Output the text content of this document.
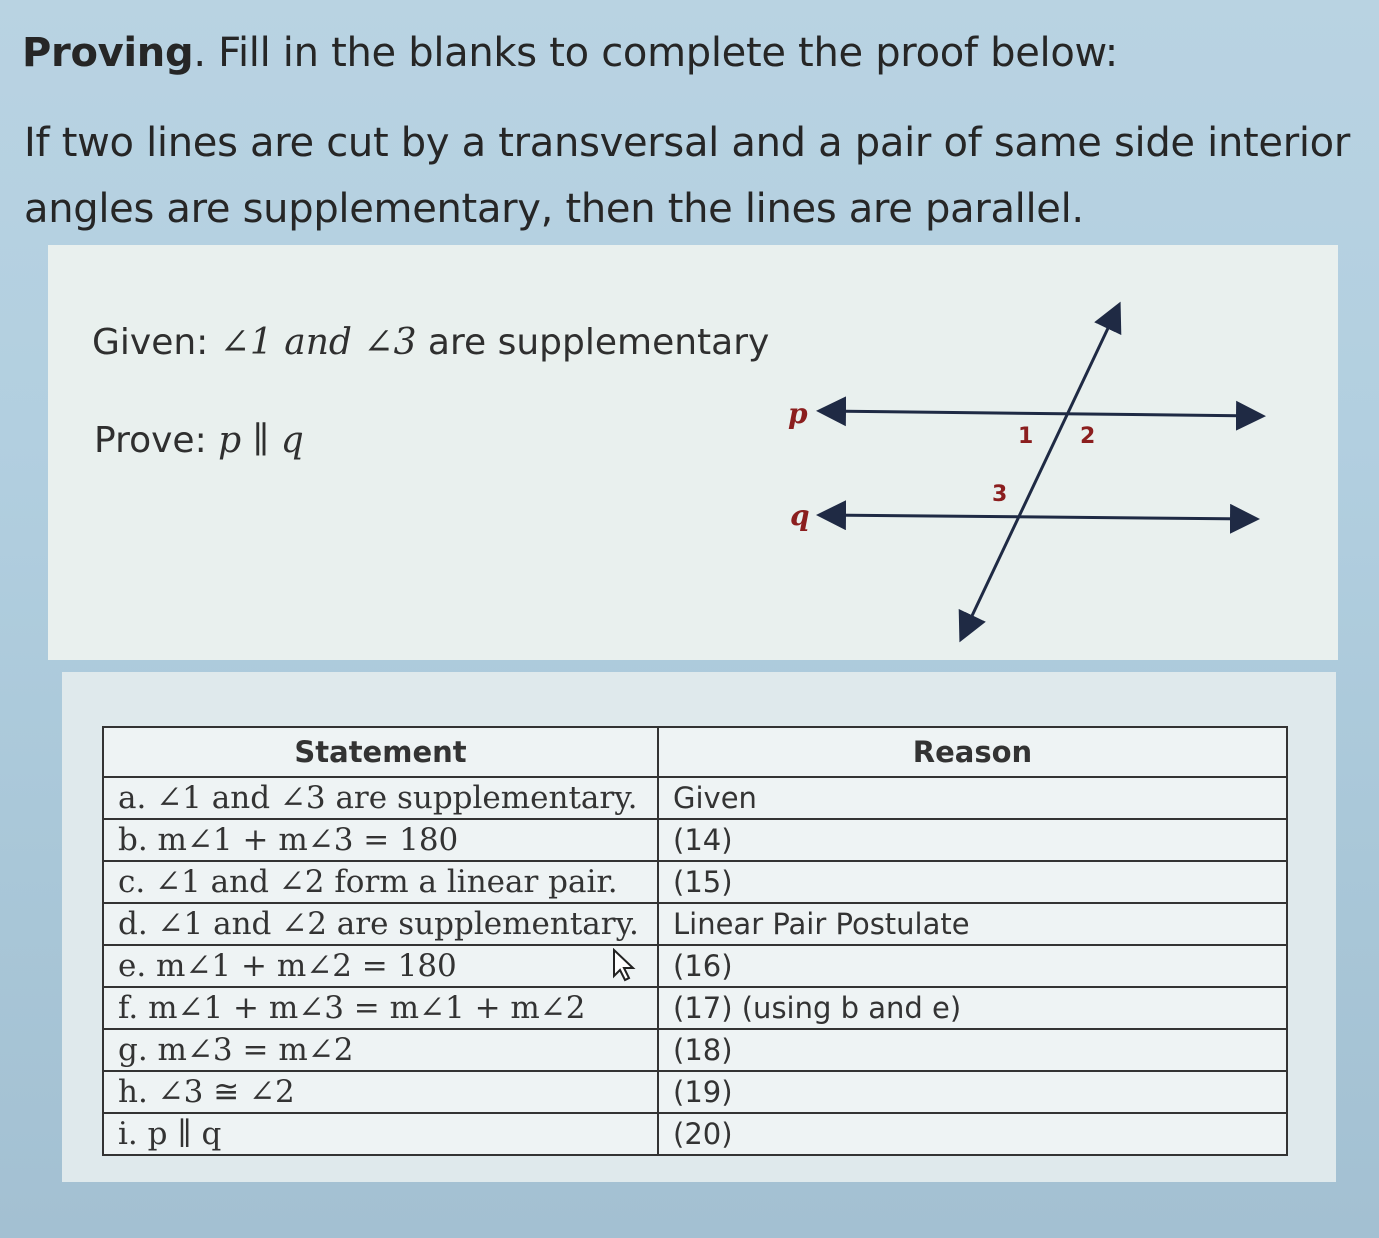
Proving. Fill in the blanks to complete the proof below:
If two lines are cut by a transversal and a pair of same side interior angles are supplementary, then the lines are parallel.
Given: ∠1 and ∠3 are supplementary
Prove: p ∥ q
p
q
1 2
3
Statement	Reason
a. ∠1 and ∠3 are supplementary.	Given
b. m∠1 + m∠3 = 180	(14)
c. ∠1 and ∠2 form a linear pair.	(15)
d. ∠1 and ∠2 are supplementary.	Linear Pair Postulate
e. m∠1 + m∠2 = 180	(16)
f. m∠1 + m∠3 = m∠1 + m∠2	(17) (using b and e)
g. m∠3 = m∠2	(18)
h. ∠3 ≅ ∠2	(19)
i. p ∥ q	(20)
